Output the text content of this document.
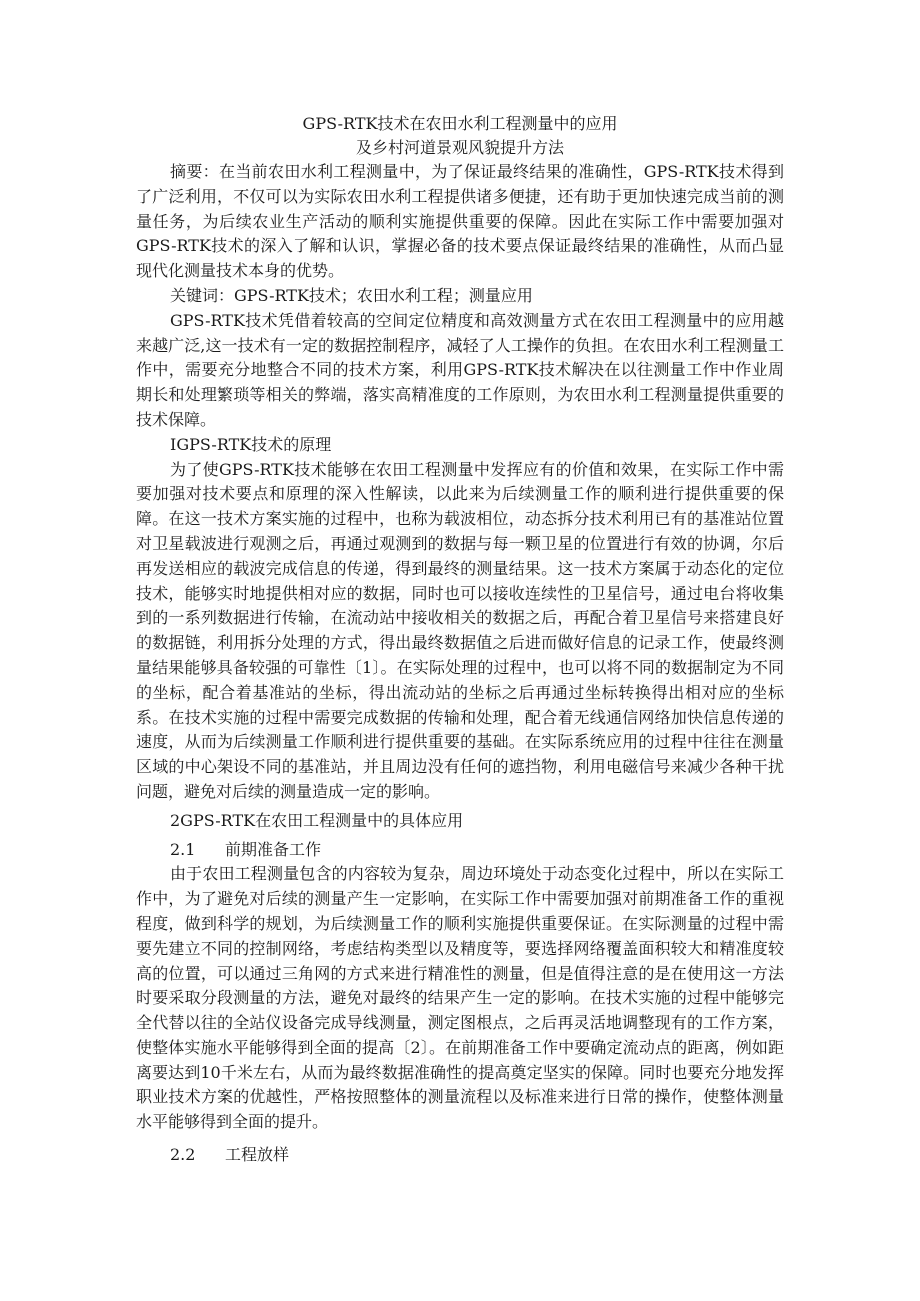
GPS-RTK技术在农田水利工程测量中的应用

及乡村河道景观风貌提升方法

摘要：在当前农田水利工程测量中，为了保证最终结果的准确性，GPS-RTK技术得到了广泛利用，不仅可以为实际农田水利工程提供诸多便捷，还有助于更加快速完成当前的测量任务，为后续农业生产活动的顺利实施提供重要的保障。因此在实际工作中需要加强对GPS-RTK技术的深入了解和认识，掌握必备的技术要点保证最终结果的准确性，从而凸显现代化测量技术本身的优势。

关键词：GPS-RTK技术；农田水利工程；测量应用

GPS-RTK技术凭借着较高的空间定位精度和高效测量方式在农田工程测量中的应用越来越广泛,这一技术有一定的数据控制程序，减轻了人工操作的负担。在农田水利工程测量工作中，需要充分地整合不同的技术方案，利用GPS-RTK技术解决在以往测量工作中作业周期长和处理繁琐等相关的弊端，落实高精准度的工作原则，为农田水利工程测量提供重要的技术保障。

IGPS-RTK技术的原理

为了使GPS-RTK技术能够在农田工程测量中发挥应有的价值和效果，在实际工作中需要加强对技术要点和原理的深入性解读，以此来为后续测量工作的顺利进行提供重要的保障。在这一技术方案实施的过程中，也称为载波相位，动态拆分技术利用已有的基准站位置对卫星载波进行观测之后，再通过观测到的数据与每一颗卫星的位置进行有效的协调，尔后再发送相应的载波完成信息的传递，得到最终的测量结果。这一技术方案属于动态化的定位技术，能够实时地提供相对应的数据，同时也可以接收连续性的卫星信号，通过电台将收集到的一系列数据进行传输，在流动站中接收相关的数据之后，再配合着卫星信号来搭建良好的数据链，利用拆分处理的方式，得出最终数据值之后进而做好信息的记录工作，使最终测量结果能够具备较强的可靠性〔1〕。在实际处理的过程中，也可以将不同的数据制定为不同的坐标，配合着基准站的坐标，得出流动站的坐标之后再通过坐标转换得出相对应的坐标系。在技术实施的过程中需要完成数据的传输和处理，配合着无线通信网络加快信息传递的速度，从而为后续测量工作顺利进行提供重要的基础。在实际系统应用的过程中往往在测量区域的中心架设不同的基准站，并且周边没有任何的遮挡物，利用电磁信号来减少各种干扰问题，避免对后续的测量造成一定的影响。

2GPS-RTK在农田工程测量中的具体应用

2.1 前期准备工作

由于农田工程测量包含的内容较为复杂，周边环境处于动态变化过程中，所以在实际工作中，为了避免对后续的测量产生一定影响，在实际工作中需要加强对前期准备工作的重视程度，做到科学的规划，为后续测量工作的顺利实施提供重要保证。在实际测量的过程中需要先建立不同的控制网络，考虑结构类型以及精度等，要选择网络覆盖面积较大和精准度较高的位置，可以通过三角网的方式来进行精准性的测量，但是值得注意的是在使用这一方法时要采取分段测量的方法，避免对最终的结果产生一定的影响。在技术实施的过程中能够完全代替以往的全站仪设备完成导线测量，测定图根点，之后再灵活地调整现有的工作方案，使整体实施水平能够得到全面的提高〔2〕。在前期准备工作中要确定流动点的距离，例如距离要达到10千米左右，从而为最终数据准确性的提高奠定坚实的保障。同时也要充分地发挥职业技术方案的优越性，严格按照整体的测量流程以及标准来进行日常的操作，使整体测量水平能够得到全面的提升。

2.2 工程放样
